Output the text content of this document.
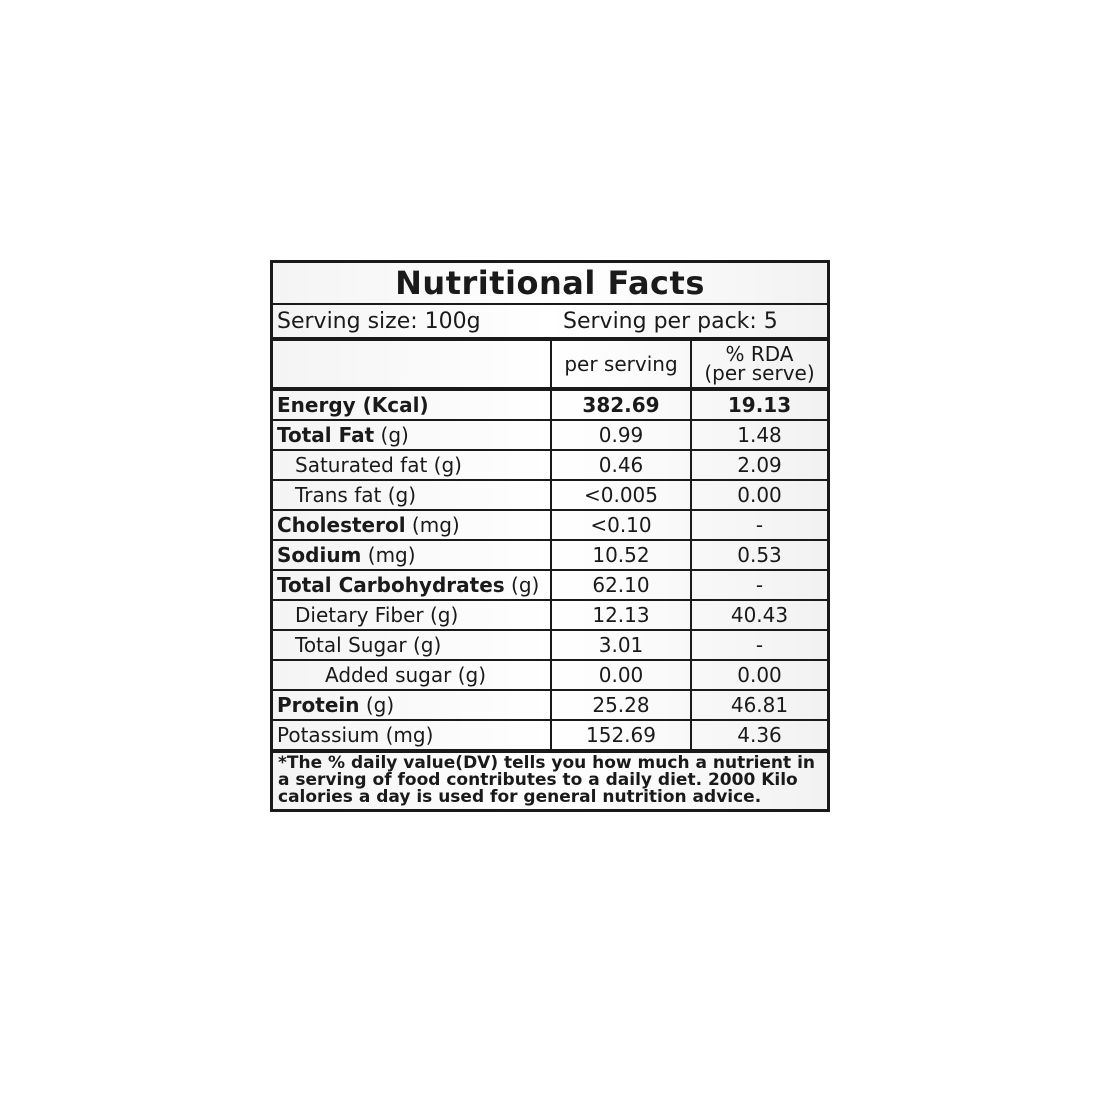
Nutritional Facts
Serving size: 100g	Serving per pack: 5
	per serving	% RDA
(per serve)

Energy (Kcal)	382.69	19.13
Total Fat (g)	0.99	1.48
Saturated fat (g)	0.46	2.09
Trans fat (g)	<0.005	0.00
Cholesterol (mg)	<0.10	-
Sodium (mg)	10.52	0.53
Total Carbohydrates (g)	62.10	-
Dietary Fiber (g)	12.13	40.43
Total Sugar (g)	3.01	-
Added sugar (g)	0.00	0.00
Protein (g)	25.28	46.81
Potassium (mg)	152.69	4.36
*The % daily value(DV) tells you how much a nutrient in a serving of food contributes to a daily diet. 2000 Kilo calories a day is used for general nutrition advice.
